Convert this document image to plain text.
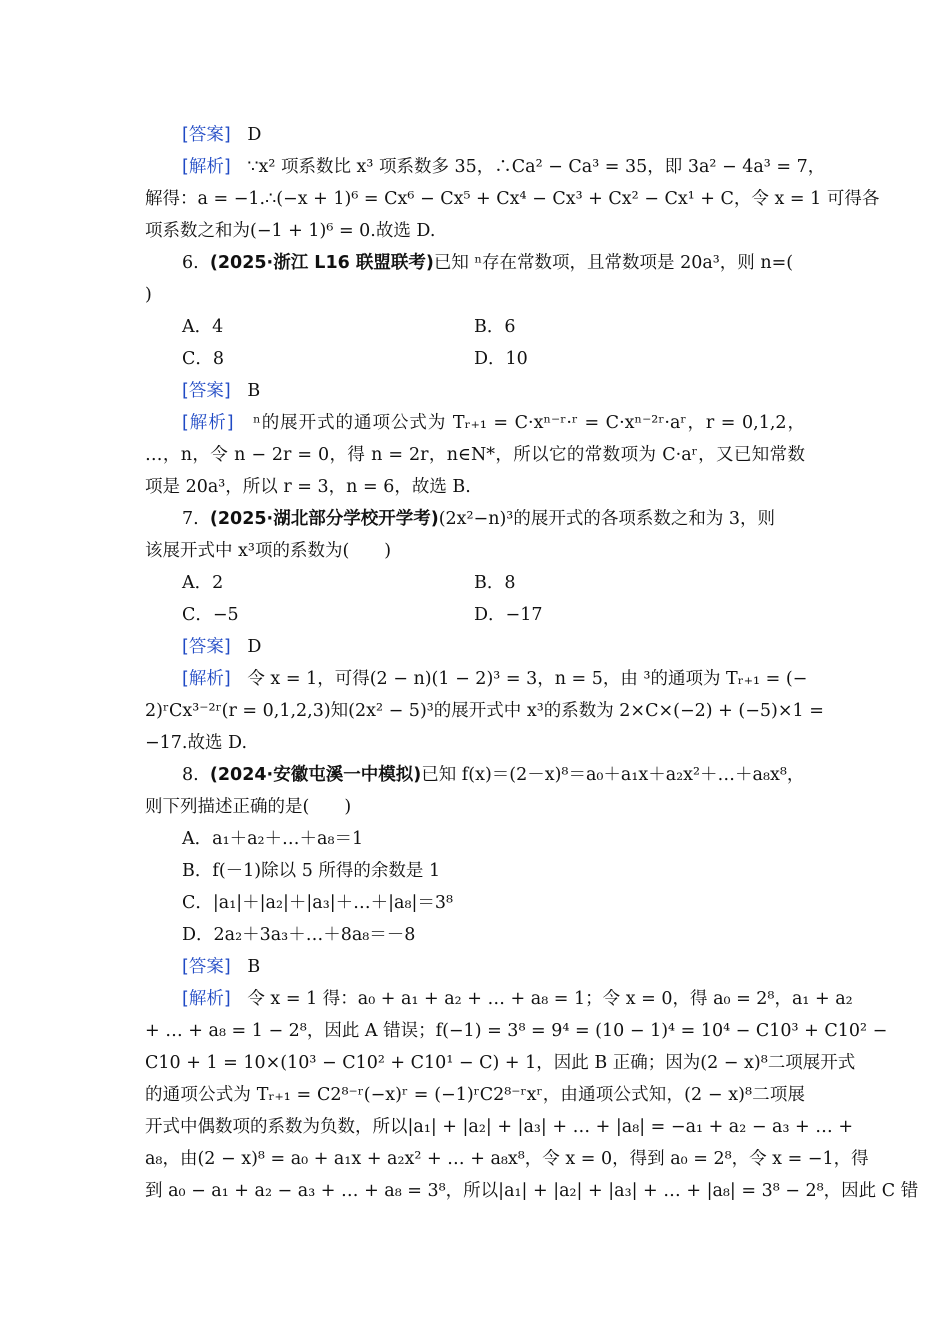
[答案] D
[解析] ∵x² 项系数比 x³ 项系数多 35，∴Ca² − Ca³ = 35，即 3a² − 4a³ = 7，
解得：a = −1.∴(−x + 1)⁶ = Cx⁶ − Cx⁵ + Cx⁴ − Cx³ + Cx² − Cx¹ + C，令 x = 1 可得各
项系数之和为(−1 + 1)⁶ = 0.故选 D.
6. (2025·浙江 L16 联盟联考)已知 ⁿ存在常数项，且常数项是 20a³，则 n=(
)
A．4	B．6
C．8	D．10
[答案] B
[解析] ⁿ的展开式的通项公式为 Tᵣ₊₁ = C·xⁿ⁻ʳ·ʳ = C·xⁿ⁻²ʳ·aʳ，r = 0,1,2，
…，n，令 n − 2r = 0，得 n = 2r，n∈N*，所以它的常数项为 C·aʳ，又已知常数
项是 20a³，所以 r = 3，n = 6，故选 B.
7. (2025·湖北部分学校开学考)(2x²−n)³的展开式的各项系数之和为 3，则
该展开式中 x³项的系数为(　　)
A．2	B．8
C．−5	D．−17
[答案] D
[解析] 令 x = 1，可得(2 − n)(1 − 2)³ = 3，n = 5，由 ³的通项为 Tᵣ₊₁ = (−
2)ʳCx³⁻²ʳ(r = 0,1,2,3)知(2x² − 5)³的展开式中 x³的系数为 2×C×(−2) + (−5)×1 =
−17.故选 D.
8. (2024·安徽屯溪一中模拟)已知 f(x)＝(2－x)⁸＝a₀＋a₁x＋a₂x²＋…＋a₈x⁸，
则下列描述正确的是(　　)
A．a₁＋a₂＋…＋a₈＝1
B．f(－1)除以 5 所得的余数是 1
C．|a₁|＋|a₂|＋|a₃|＋…＋|a₈|＝3⁸
D．2a₂＋3a₃＋…＋8a₈＝－8
[答案] B
[解析] 令 x = 1 得：a₀ + a₁ + a₂ + … + a₈ = 1；令 x = 0，得 a₀ = 2⁸，a₁ + a₂
+ … + a₈ = 1 − 2⁸，因此 A 错误；f(−1) = 3⁸ = 9⁴ = (10 − 1)⁴ = 10⁴ − C10³ + C10² −
C10 + 1 = 10×(10³ − C10² + C10¹ − C) + 1，因此 B 正确；因为(2 − x)⁸二项展开式
的通项公式为 Tᵣ₊₁ = C2⁸⁻ʳ(−x)ʳ = (−1)ʳC2⁸⁻ʳxʳ，由通项公式知，(2 − x)⁸二项展
开式中偶数项的系数为负数，所以|a₁| + |a₂| + |a₃| + … + |a₈| = −a₁ + a₂ − a₃ + … +
a₈，由(2 − x)⁸ = a₀ + a₁x + a₂x² + … + a₈x⁸，令 x = 0，得到 a₀ = 2⁸，令 x = −1，得
到 a₀ − a₁ + a₂ − a₃ + … + a₈ = 3⁸，所以|a₁| + |a₂| + |a₃| + … + |a₈| = 3⁸ − 2⁸，因此 C 错
